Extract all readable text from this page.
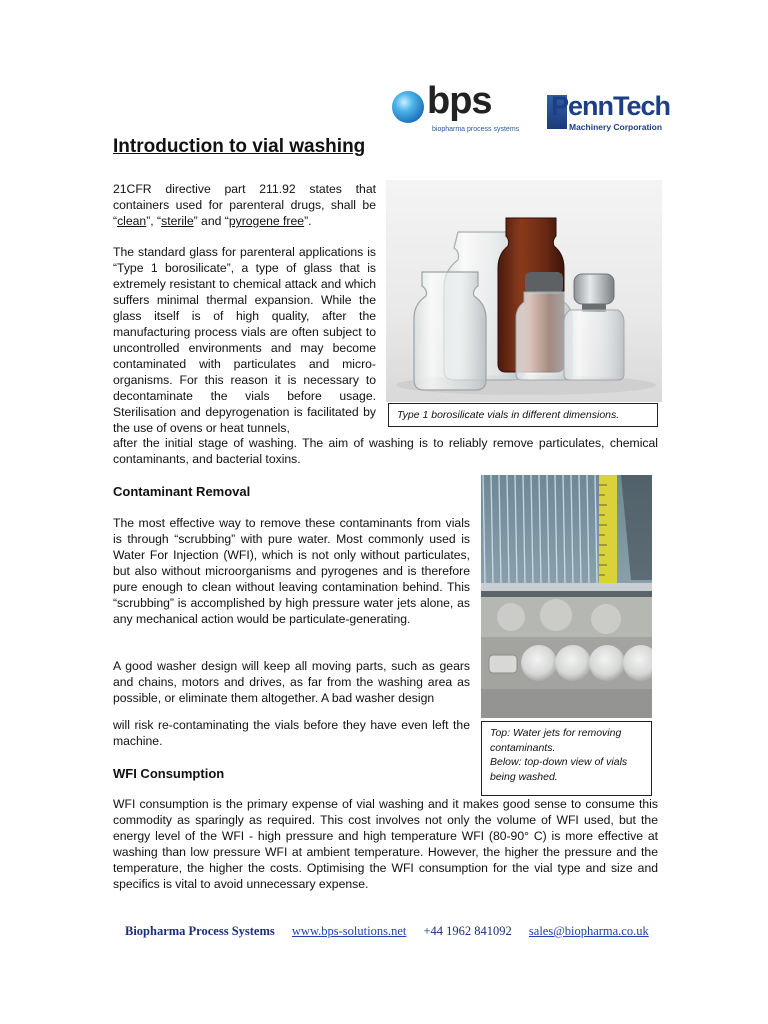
bps
biopharma process systems
PennTech
Machinery Corporation
Introduction to vial washing

21CFR directive part 211.92 states that containers used for parenteral drugs, shall be “clean”, “sterile” and “pyrogene free”.

The standard glass for parenteral applications is “Type 1 borosilicate”, a type of glass that is extremely resistant to chemical attack and which suffers minimal thermal expansion. While the glass itself is of high quality, after the manufacturing process vials are often subject to uncontrolled environments and may become contaminated with particulates and micro-organisms. For this reason it is necessary to decontaminate the vials before usage. Sterilisation and depyrogenation is facilitated by the use of ovens or heat tunnels,

after the initial stage of washing. The aim of washing is to reliably remove particulates, chemical contaminants, and bacterial toxins.

Type 1 borosilicate vials in different dimensions.
Contaminant Removal

The most effective way to remove these contaminants from vials is through “scrubbing” with pure water. Most commonly used is Water For Injection (WFI), which is not only without particulates, but also without microorganisms and pyrogenes and is therefore pure enough to clean without leaving contamination behind. This “scrubbing” is accomplished by high pressure water jets alone, as any mechanical action would be particulate-generating.

A good washer design will keep all moving parts, such as gears and chains, motors and drives, as far from the washing area as possible, or eliminate them altogether. A bad washer design

will risk re-contaminating the vials before they have even left the machine.

Top: Water jets for removing contaminants.
Below: top-down view of vials being washed.
WFI Consumption

WFI consumption is the primary expense of vial washing and it makes good sense to consume this commodity as sparingly as required. This cost involves not only the volume of WFI used, but the energy level of the WFI - high pressure and high temperature WFI (80-90° C) is more effective at washing than low pressure WFI at ambient temperature. However, the higher the pressure and the temperature, the higher the costs. Optimising the WFI consumption for the vial type and size and specifics is vital to avoid unnecessary expense.

Biopharma Process Systems www.bps-solutions.net +44 1962 841092 sales@biopharma.co.uk
